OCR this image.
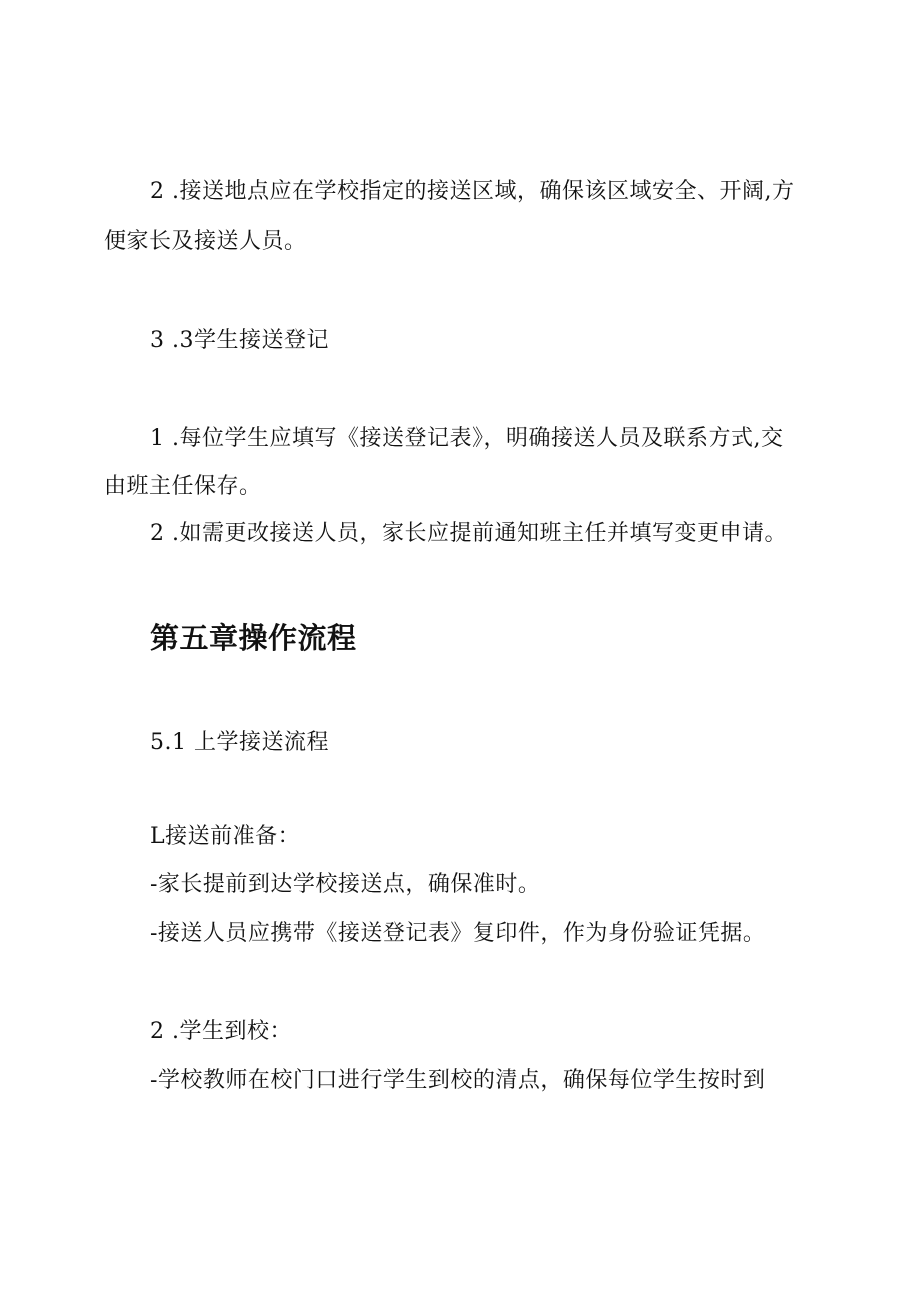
2 .接送地点应在学校指定的接送区域，确保该区域安全、开阔,方
便家长及接送人员。
3 .3学生接送登记
1 .每位学生应填写《接送登记表》，明确接送人员及联系方式,交
由班主任保存。
2 .如需更改接送人员，家长应提前通知班主任并填写变更申请。
第五章操作流程
5.1 上学接送流程
L接送前准备：
-家长提前到达学校接送点，确保准时。
-接送人员应携带《接送登记表》复印件，作为身份验证凭据。
2 .学生到校：
-学校教师在校门口进行学生到校的清点，确保每位学生按时到
